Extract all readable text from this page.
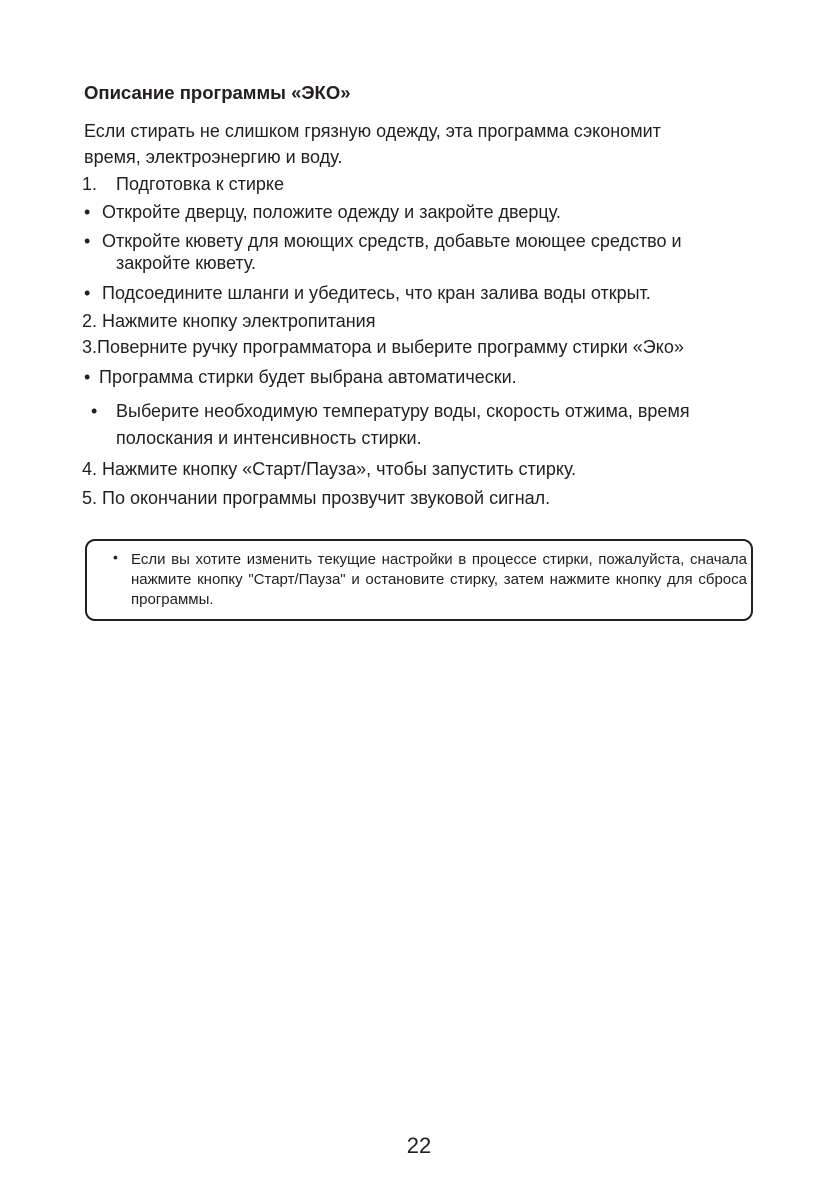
Описание программы «ЭКО»

Если стирать не слишком грязную одежду, эта программа сэкономит

время, электроэнергию и воду.

1. Подготовка к стирке

• Откройте дверцу, положите одежду и закройте дверцу.

• Откройте кювету для моющих средств, добавьте моющее средство и

закройте кювету.

• Подсоедините шланги и убедитесь, что кран залива воды открыт.

2. Нажмите кнопку электропитания

3.Поверните ручку программатора и выберите программу стирки «Эко»

• Программа стирки будет выбрана автоматически.

• Выберите необходимую температуру воды, скорость отжима, время

полоскания и интенсивность стирки.

4. Нажмите кнопку «Старт/Пауза», чтобы запустить стирку.

5. По окончании программы прозвучит звуковой сигнал.

• Если вы хотите изменить текущие настройки в процессе стирки, пожалуйста, сначала нажмите кнопку "Старт/Пауза" и остановите стирку, затем нажмите кнопку для сброса программы.

22
